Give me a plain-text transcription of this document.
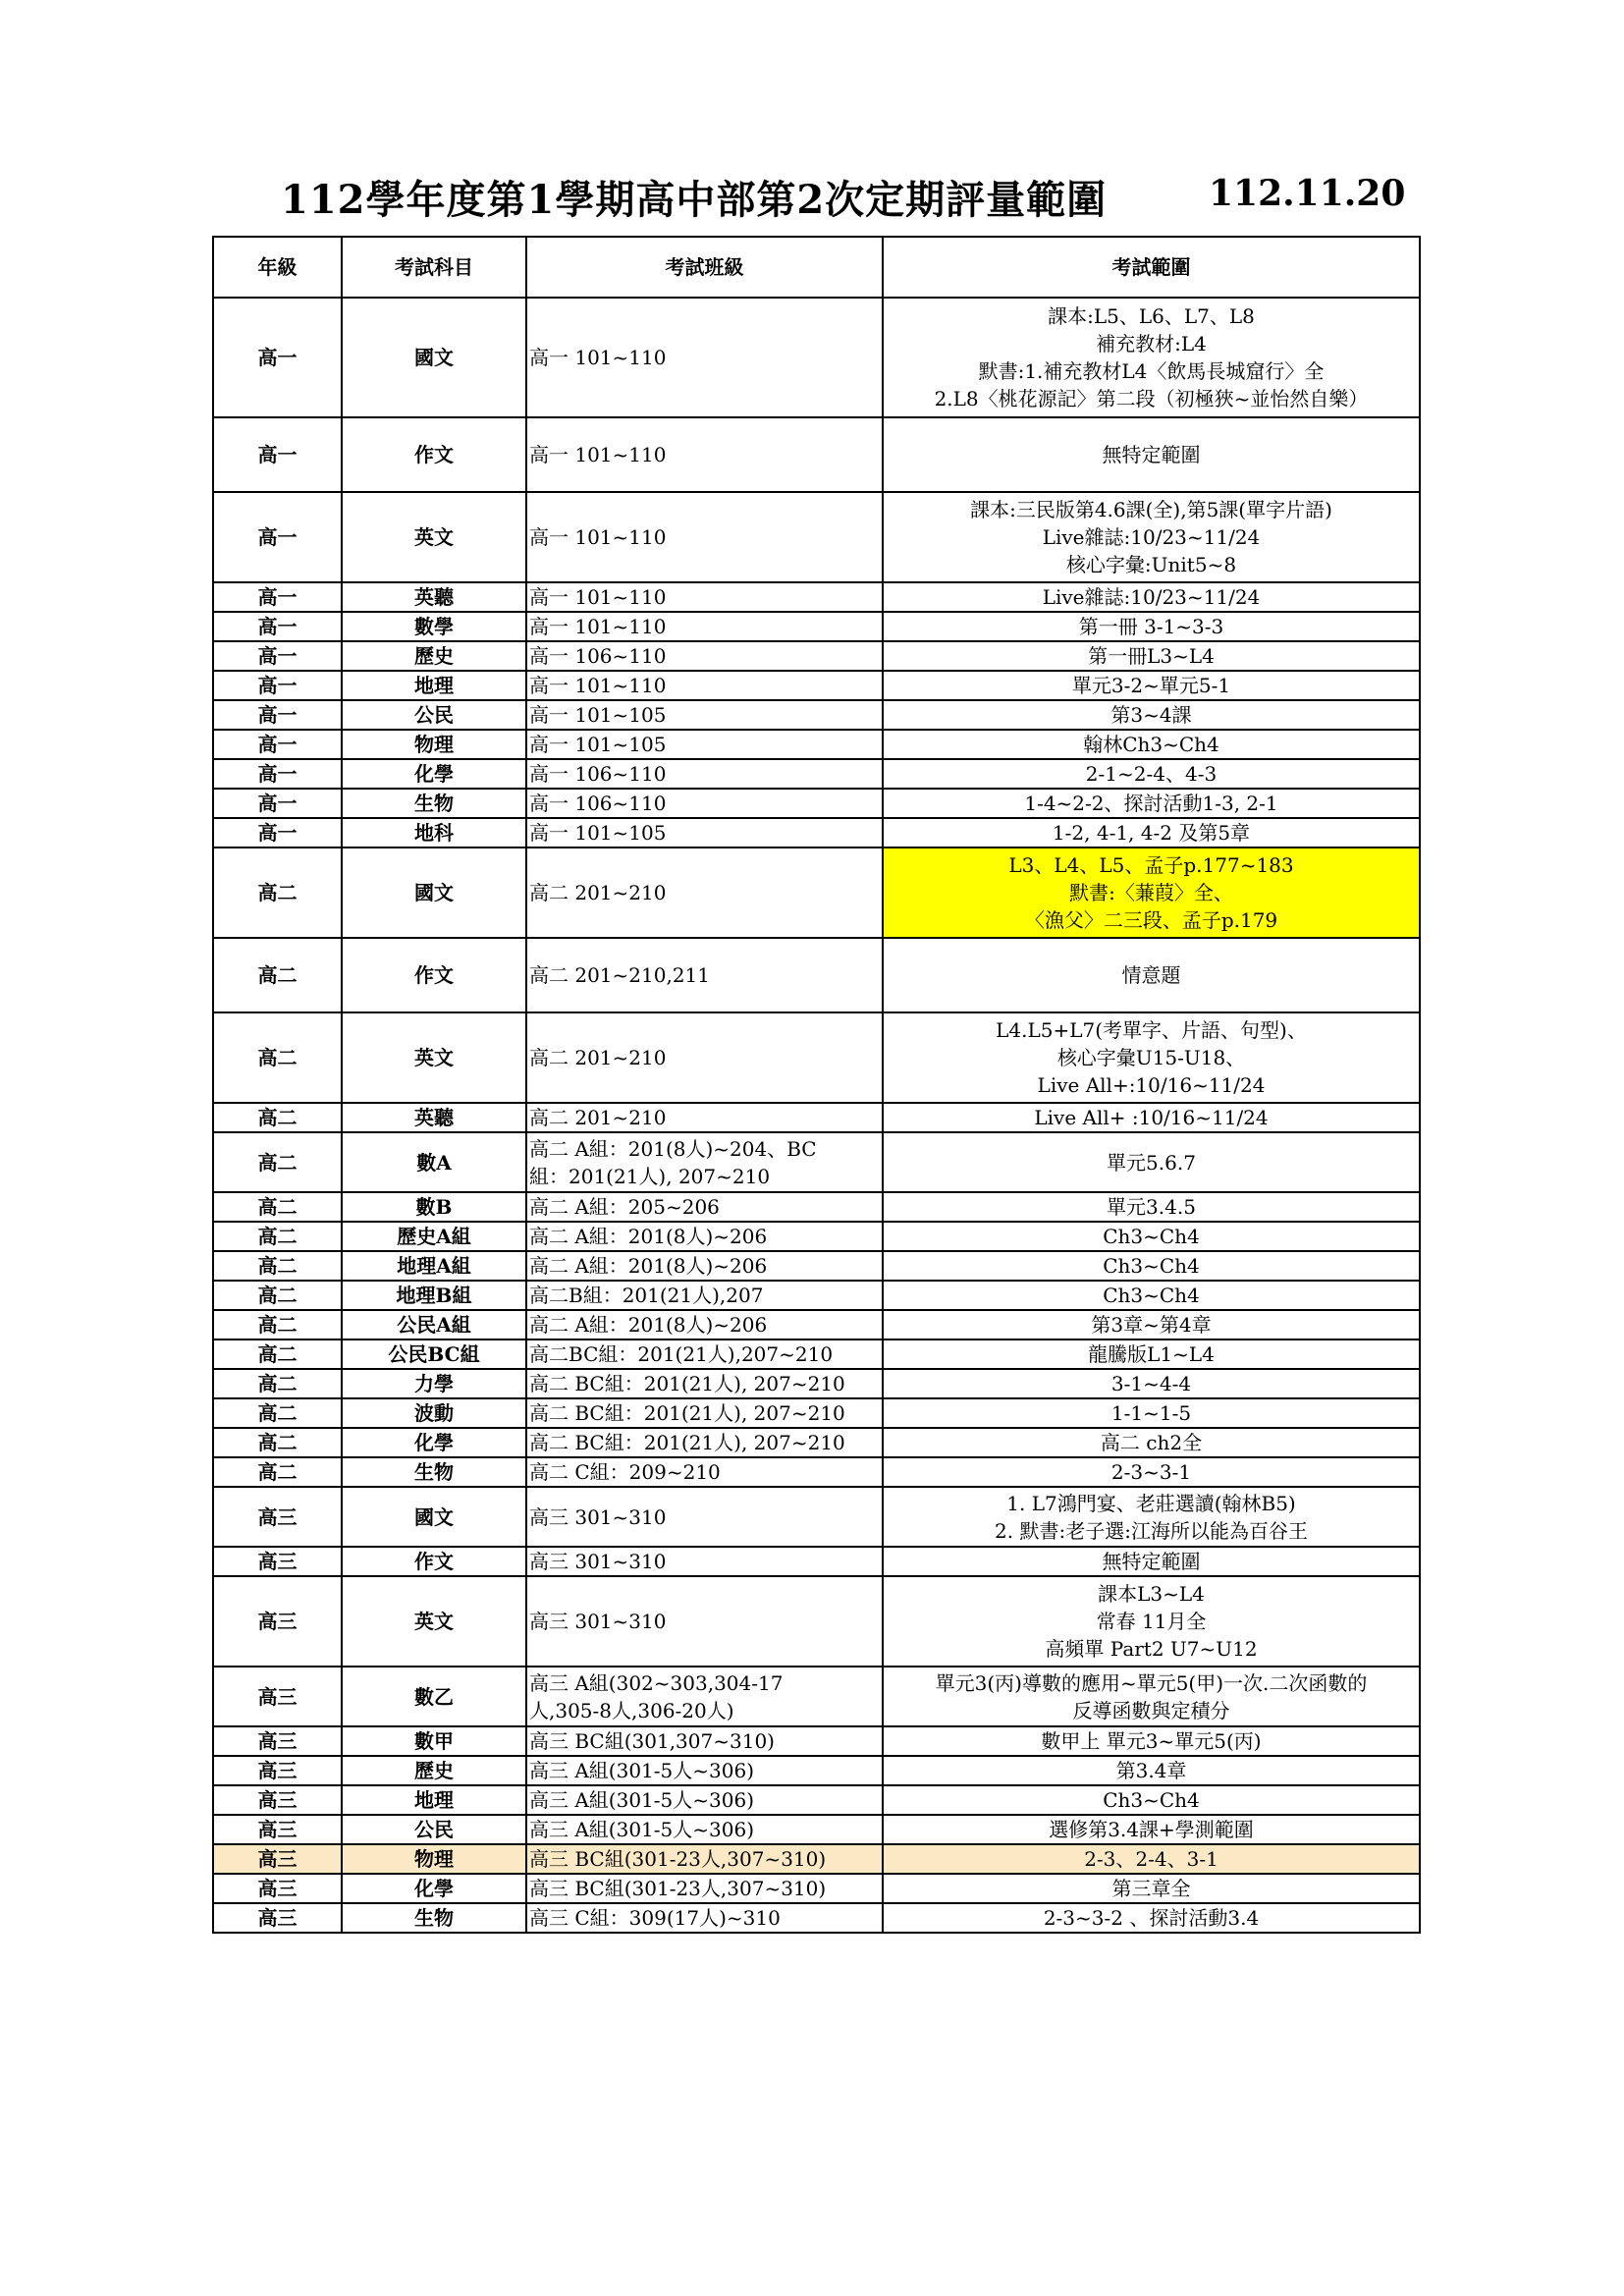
112學年度第1學期高中部第2次定期評量範圍	112.11.20
年級	考試科目	考試班級	考試範圍
高一	國文	高一 101~110	課本:L5、L6、L7、L8
補充教材:L4
默書:1.補充教材L4〈飲馬長城窟行〉全
2.L8〈桃花源記〉第二段（初極狹~並怡然自樂）

高一	作文	高一 101~110	無特定範圍

高一	英文	高一 101~110	課本:三民版第4.6課(全),第5課(單字片語)
Live雜誌:10/23~11/24
核心字彙:Unit5~8

高一	英聽	高一 101~110	Live雜誌:10/23~11/24

高一	數學	高一 101~110	第一冊 3-1~3-3

高一	歷史	高一 106~110	第一冊L3~L4

高一	地理	高一 101~110	單元3-2~單元5-1

高一	公民	高一 101~105	第3~4課

高一	物理	高一 101~105	翰林Ch3~Ch4

高一	化學	高一 106~110	2-1~2-4、4-3

高一	生物	高一 106~110	1-4~2-2、探討活動1-3, 2-1

高一	地科	高一 101~105	1-2, 4-1, 4-2 及第5章

高二	國文	高二 201~210	L3、L4、L5、孟子p.177~183
默書:〈蒹葭〉全、
〈漁父〉二三段、孟子p.179

高二	作文	高二 201~210,211	情意題

高二	英文	高二 201~210	L4.L5+L7(考單字、片語、句型)、
核心字彙U15-U18、
Live All+:10/16~11/24

高二	英聽	高二 201~210	Live All+ :10/16~11/24

高二	數A	高二 A組：201(8人)~204、BC
組：201(21人), 207~210	單元5.6.7

高二	數B	高二 A組：205~206	單元3.4.5

高二	歷史A組	高二 A組：201(8人)~206	Ch3~Ch4

高二	地理A組	高二 A組：201(8人)~206	Ch3~Ch4

高二	地理B組	高二B組：201(21人),207	Ch3~Ch4

高二	公民A組	高二 A組：201(8人)~206	第3章~第4章

高二	公民BC組	高二BC組：201(21人),207~210	龍騰版L1~L4

高二	力學	高二 BC組：201(21人), 207~210	3-1~4-4

高二	波動	高二 BC組：201(21人), 207~210	1-1~1-5

高二	化學	高二 BC組：201(21人), 207~210	高二 ch2全

高二	生物	高二 C組：209~210	2-3~3-1

高三	國文	高三 301~310	1. L7鴻門宴、老莊選讀(翰林B5)
2. 默書:老子選:江海所以能為百谷王

高三	作文	高三 301~310	無特定範圍

高三	英文	高三 301~310	課本L3~L4
常春 11月全
高頻單 Part2 U7~U12

高三	數乙	高三 A組(302~303,304-17
人,305-8人,306-20人)	單元3(丙)導數的應用~單元5(甲)一次.二次函數的
反導函數與定積分

高三	數甲	高三 BC組(301,307~310)	數甲上 單元3~單元5(丙)

高三	歷史	高三 A組(301-5人~306)	第3.4章

高三	地理	高三 A組(301-5人~306)	Ch3~Ch4

高三	公民	高三 A組(301-5人~306)	選修第3.4課+學測範圍

高三	物理	高三 BC組(301-23人,307~310)	2-3、2-4、3-1

高三	化學	高三 BC組(301-23人,307~310)	第三章全

高三	生物	高三 C組：309(17人)~310	2-3~3-2 、探討活動3.4
